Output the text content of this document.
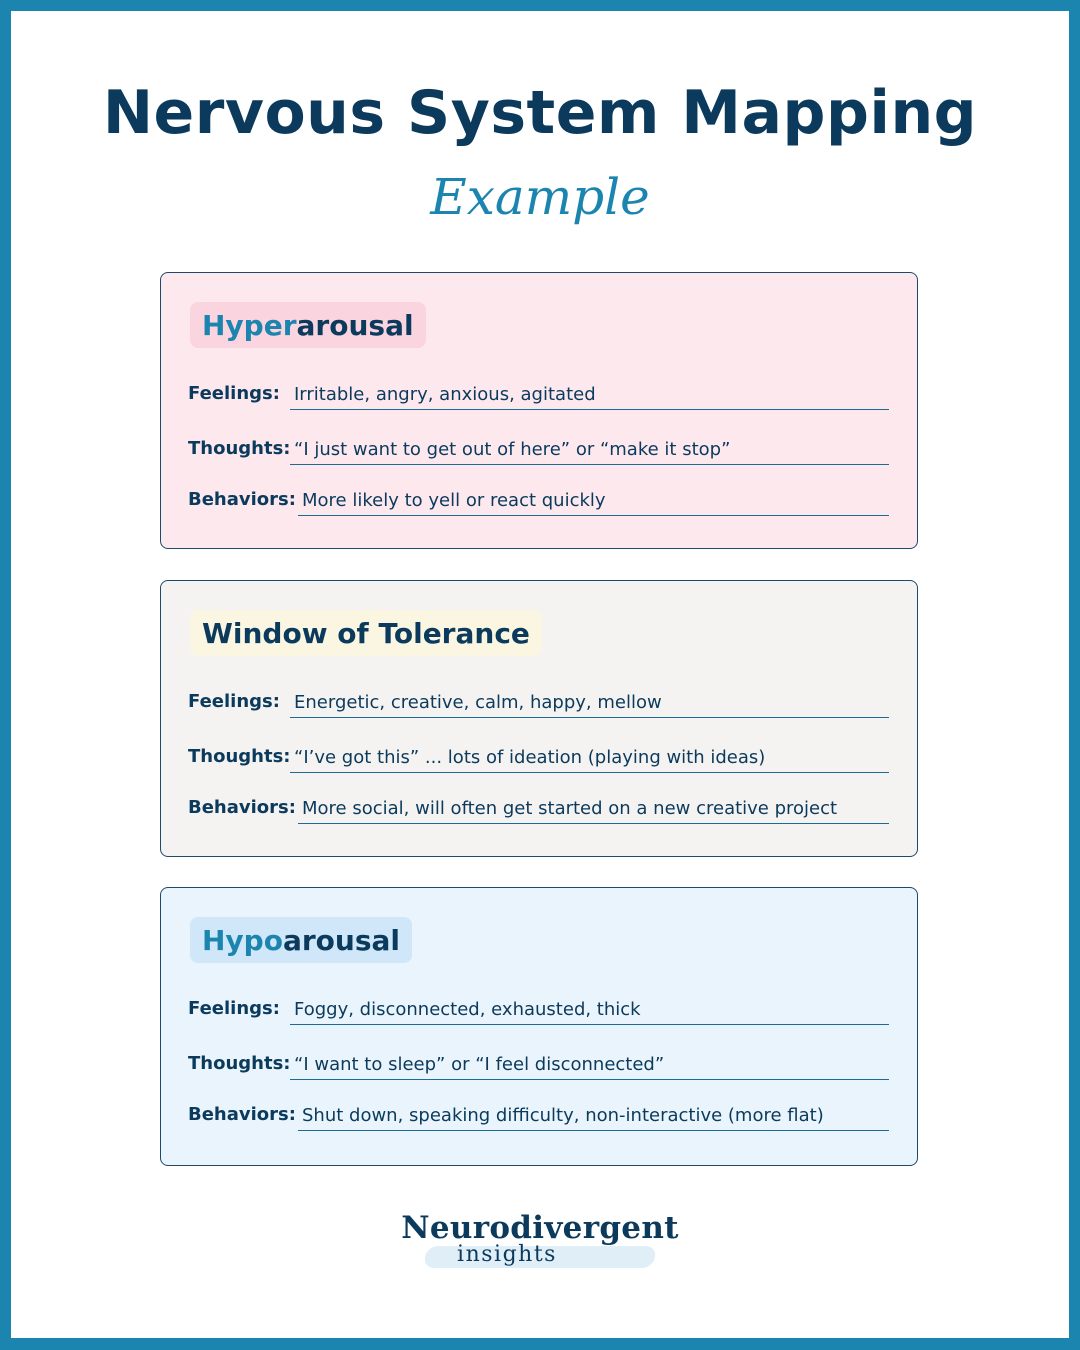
Nervous System Mapping
Example
Hyper arousal
Feelings: Irritable, angry, anxious, agitated
Thoughts: “I just want to get out of here” or “make it stop”
Behaviors: More likely to yell or react quickly
Window of Tolerance
Feelings: Energetic, creative, calm, happy, mellow
Thoughts: “I’ve got this” ... lots of ideation (playing with ideas)
Behaviors: More social, will often get started on a new creative project
Hypo arousal
Feelings: Foggy, disconnected, exhausted, thick
Thoughts: “I want to sleep” or “I feel disconnected”
Behaviors: Shut down, speaking difficulty, non-interactive (more flat)
Neurodivergent
insights
